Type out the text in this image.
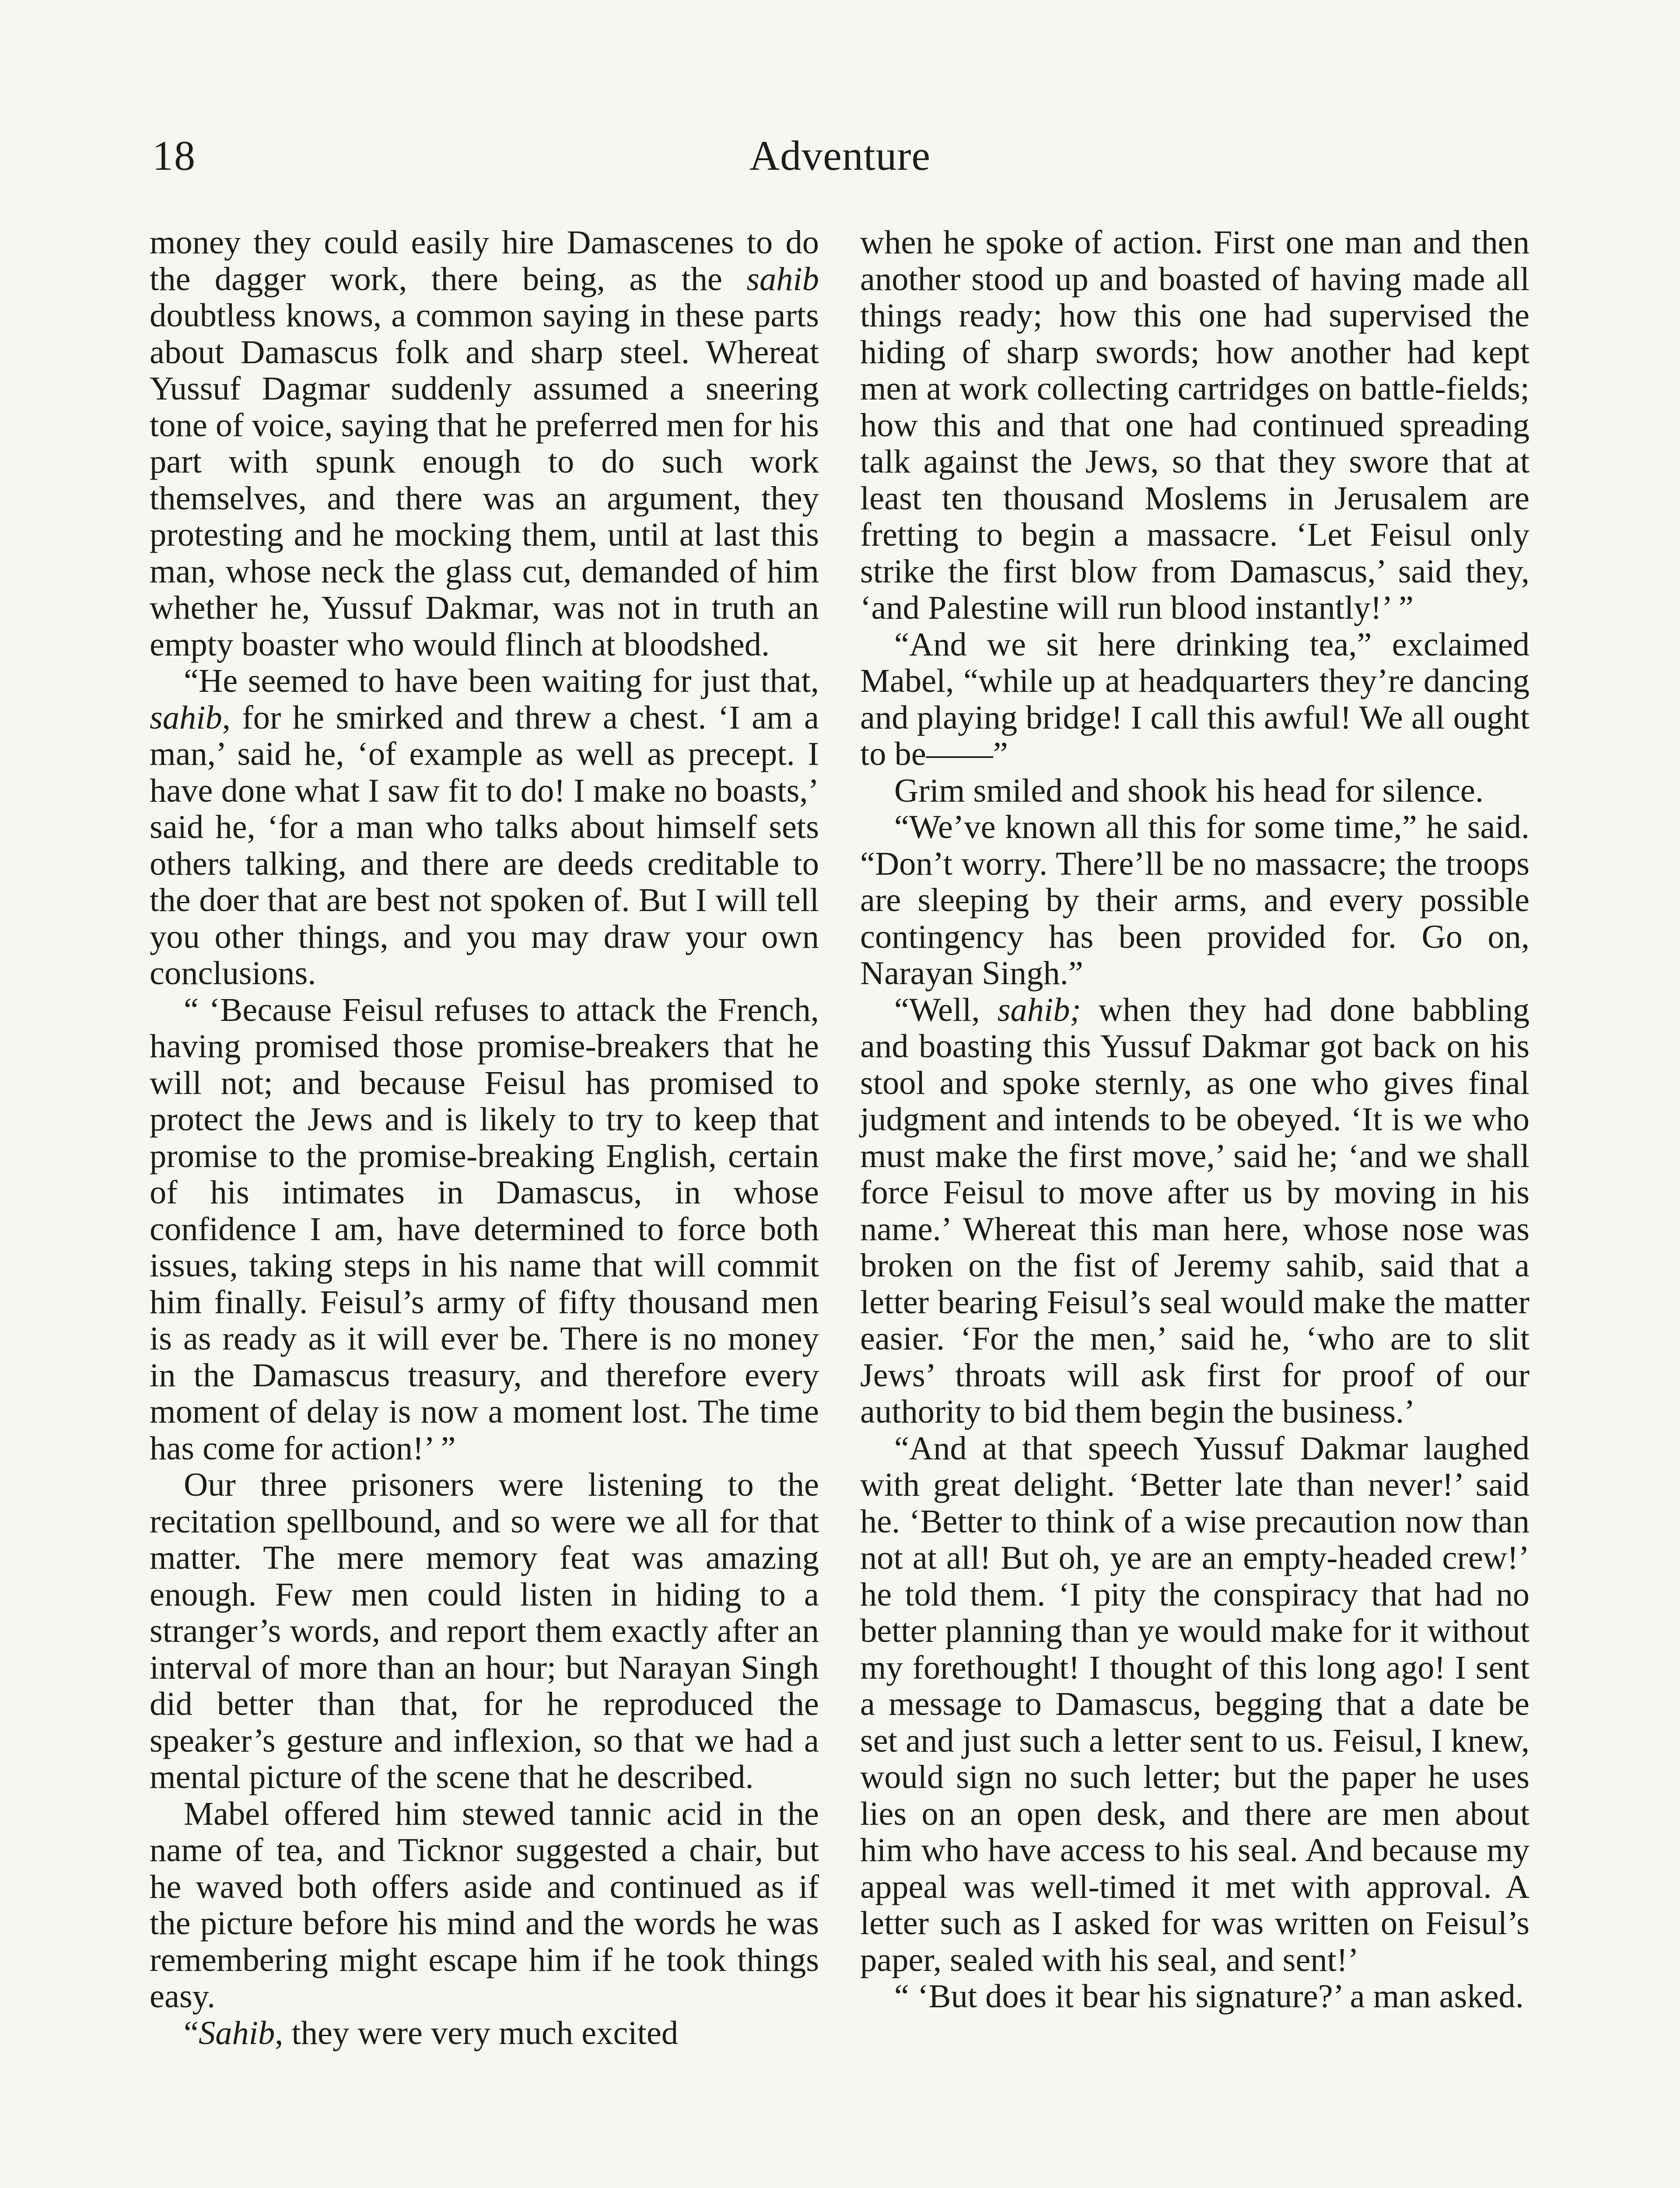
18	Adventure

money they could easily hire Damascenes to do the dagger work, there being, as the sahib doubtless knows, a common saying in these parts about Damascus folk and sharp steel. Whereat Yussuf Dagmar suddenly assumed a sneering tone of voice, saying that he preferred men for his part with spunk enough to do such work themselves, and there was an argument, they protesting and he mocking them, until at last this man, whose neck the glass cut, demanded of him whether he, Yussuf Dakmar, was not in truth an empty boaster who would flinch at bloodshed.

“He seemed to have been waiting for just that, sahib, for he smirked and threw a chest. ‘I am a man,’ said he, ‘of example as well as precept. I have done what I saw fit to do! I make no boasts,’ said he, ‘for a man who talks about himself sets others talking, and there are deeds creditable to the doer that are best not spoken of. But I will tell you other things, and you may draw your own conclusions.

“ ‘Because Feisul refuses to attack the French, having promised those promise-breakers that he will not; and because Feisul has promised to protect the Jews and is likely to try to keep that promise to the promise-breaking English, certain of his intimates in Damascus, in whose confidence I am, have determined to force both issues, taking steps in his name that will commit him finally. Feisul’s army of fifty thousand men is as ready as it will ever be. There is no money in the Damascus treasury, and therefore every moment of delay is now a moment lost. The time has come for action!’ ”

Our three prisoners were listening to the recitation spellbound, and so were we all for that matter. The mere memory feat was amazing enough. Few men could listen in hiding to a stranger’s words, and report them exactly after an interval of more than an hour; but Narayan Singh did better than that, for he reproduced the speaker’s gesture and inflexion, so that we had a mental picture of the scene that he described.

Mabel offered him stewed tannic acid in the name of tea, and Ticknor suggested a chair, but he waved both offers aside and continued as if the picture before his mind and the words he was remembering might escape him if he took things easy.

“Sahib, they were very much excited

when he spoke of action. First one man and then another stood up and boasted of having made all things ready; how this one had supervised the hiding of sharp swords; how another had kept men at work collecting cartridges on battle-fields; how this and that one had continued spreading talk against the Jews, so that they swore that at least ten thousand Moslems in Jerusalem are fretting to begin a massacre. ‘Let Feisul only strike the first blow from Damascus,’ said they, ‘and Palestine will run blood instantly!’ ”

“And we sit here drinking tea,” exclaimed Mabel, “while up at headquarters they’re dancing and playing bridge! I call this awful! We all ought to be——”

Grim smiled and shook his head for silence.

“We’ve known all this for some time,” he said. “Don’t worry. There’ll be no massacre; the troops are sleeping by their arms, and every possible contingency has been provided for. Go on, Narayan Singh.”

“Well, sahib; when they had done babbling and boasting this Yussuf Dakmar got back on his stool and spoke sternly, as one who gives final judgment and intends to be obeyed. ‘It is we who must make the first move,’ said he; ‘and we shall force Feisul to move after us by moving in his name.’ Whereat this man here, whose nose was broken on the fist of Jeremy sahib, said that a letter bearing Feisul’s seal would make the matter easier. ‘For the men,’ said he, ‘who are to slit Jews’ throats will ask first for proof of our authority to bid them begin the business.’

“And at that speech Yussuf Dakmar laughed with great delight. ‘Better late than never!’ said he. ‘Better to think of a wise precaution now than not at all! But oh, ye are an empty-headed crew!’ he told them. ‘I pity the conspiracy that had no better planning than ye would make for it without my forethought! I thought of this long ago! I sent a message to Damascus, begging that a date be set and just such a letter sent to us. Feisul, I knew, would sign no such letter; but the paper he uses lies on an open desk, and there are men about him who have access to his seal. And because my appeal was well-timed it met with approval. A letter such as I asked for was written on Feisul’s paper, sealed with his seal, and sent!’

“ ‘But does it bear his signature?’ a man asked.
